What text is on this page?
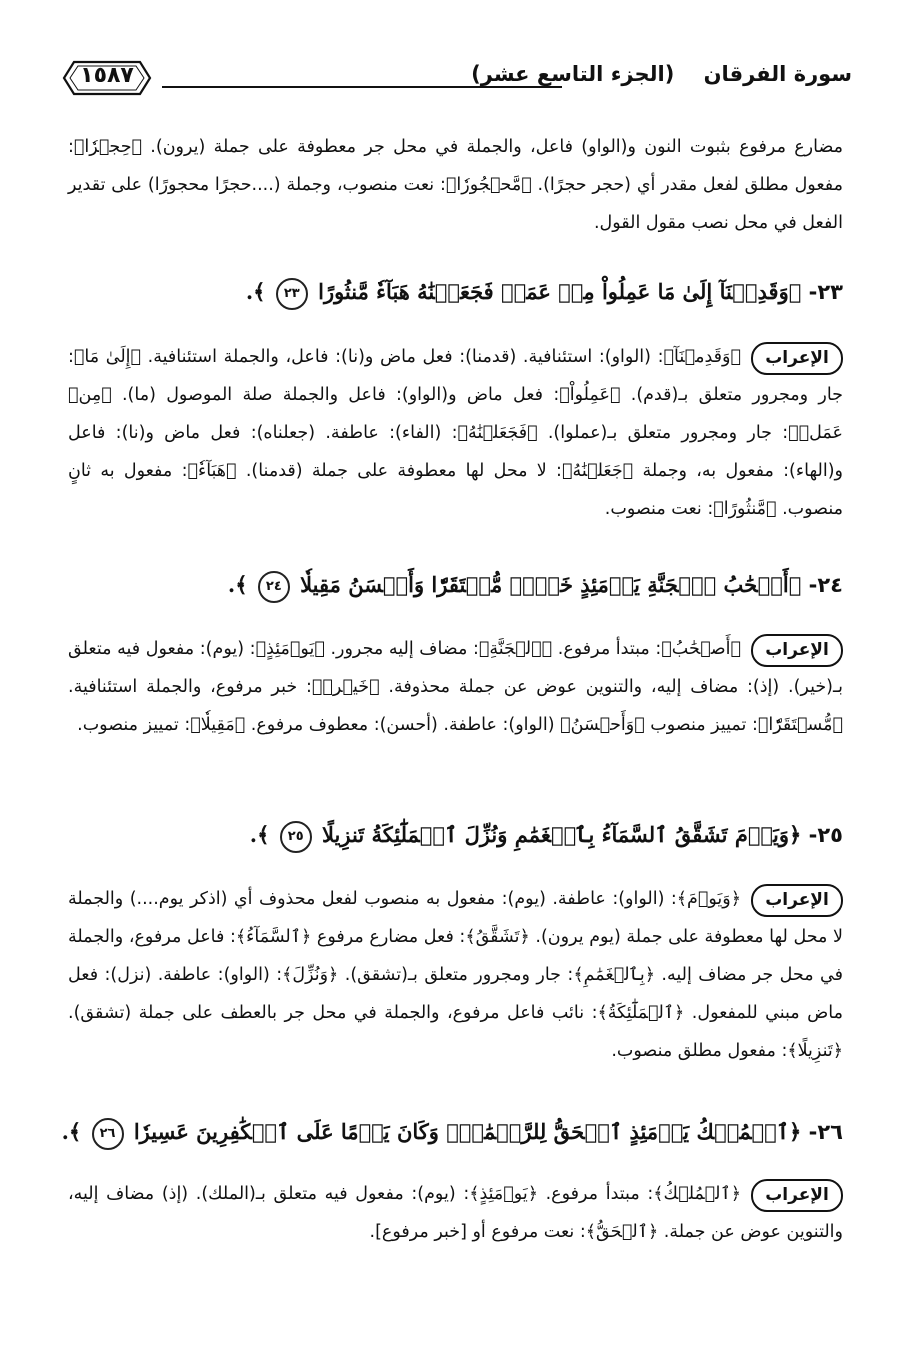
سورة الفرقان    (الجزء التاسع عشر)
١٥٨٧
مضارع مرفوع بثبوت النون و(الواو) فاعل، والجملة في محل جر معطوفة على جملة (يرون). ﴿حِجۡرٗا﴾: مفعول مطلق لفعل مقدر أي (حجر حجرًا). ﴿مَّحۡجُورٗا﴾: نعت منصوب، وجملة (....حجرًا محجورًا) على تقدير الفعل في محل نصب مقول القول.
٢٣- ﴿وَقَدِمۡنَآ إِلَىٰ مَا عَمِلُواْ مِنۡ عَمَلٖ فَجَعَلۡنَٰهُ هَبَآءٗ مَّنثُورًا ٢٣ ﴾.
الإعراب
﴿وَقَدِمۡنَآ﴾: (الواو): استئنافية. (قدمنا): فعل ماض و(نا): فاعل، والجملة استئنافية. ﴿إِلَىٰ مَا﴾: جار ومجرور متعلق بـ(قدم). ﴿عَمِلُواْ﴾: فعل ماض و(الواو): فاعل والجملة صلة الموصول (ما). ﴿مِنۡ عَمَلٖ﴾: جار ومجرور متعلق بـ(عملوا). ﴿فَجَعَلۡنَٰهُ﴾: (الفاء): عاطفة. (جعلناه): فعل ماض و(نا): فاعل و(الهاء): مفعول به، وجملة ﴿جَعَلۡنَٰهُ﴾: لا محل لها معطوفة على جملة (قدمنا). ﴿هَبَآءٗ﴾: مفعول به ثانٍ منصوب. ﴿مَّنثُورًا﴾: نعت منصوب.
٢٤- ﴿أَصۡحَٰبُ ٱلۡجَنَّةِ يَوۡمَئِذٍ خَيۡرٞ مُّسۡتَقَرّٗا وَأَحۡسَنُ مَقِيلٗا ٢٤ ﴾.
الإعراب
﴿أَصۡحَٰبُ﴾: مبتدأ مرفوع. ﴿ٱلۡجَنَّةِ﴾: مضاف إليه مجرور. ﴿يَوۡمَئِذٍ﴾: (يوم): مفعول فيه متعلق بـ(خير). (إذ): مضاف إليه، والتنوين عوض عن جملة محذوفة. ﴿خَيۡرٞ﴾: خبر مرفوع، والجملة استئنافية. ﴿مُّسۡتَقَرّٗا﴾: تمييز منصوب ﴿وَأَحۡسَنُ﴾ (الواو): عاطفة. (أحسن): معطوف مرفوع. ﴿مَقِيلٗا﴾: تمييز منصوب.
٢٥- ﴿وَيَوۡمَ تَشَقَّقُ ٱلسَّمَآءُ بِٱلۡغَمَٰمِ وَنُزِّلَ ٱلۡمَلَٰٓئِكَةُ تَنزِيلًا ٢٥ ﴾.
الإعراب
﴿وَيَوۡمَ﴾: (الواو): عاطفة. (يوم): مفعول به منصوب لفعل محذوف أي (اذكر يوم....) والجملة لا محل لها معطوفة على جملة (يوم يرون). ﴿تَشَقَّقُ﴾: فعل مضارع مرفوع ﴿ٱلسَّمَآءُ﴾: فاعل مرفوع، والجملة في محل جر مضاف إليه. ﴿بِٱلۡغَمَٰمِ﴾: جار ومجرور متعلق بـ(تشقق). ﴿وَنُزِّلَ﴾: (الواو): عاطفة. (نزل): فعل ماض مبني للمفعول. ﴿ٱلۡمَلَٰٓئِكَةُ﴾: نائب فاعل مرفوع، والجملة في محل جر بالعطف على جملة (تشقق). ﴿تَنزِيلًا﴾: مفعول مطلق منصوب.
٢٦- ﴿ٱلۡمُلۡكُ يَوۡمَئِذٍ ٱلۡحَقُّ لِلرَّحۡمَٰنِۚ وَكَانَ يَوۡمًا عَلَى ٱلۡكَٰفِرِينَ عَسِيرٗا ٢٦ ﴾.
الإعراب
﴿ٱلۡمُلۡكُ﴾: مبتدأ مرفوع. ﴿يَوۡمَئِذٍ﴾: (يوم): مفعول فيه متعلق بـ(الملك). (إذ) مضاف إليه، والتنوين عوض عن جملة. ﴿ٱلۡحَقُّ﴾: نعت مرفوع أو [خبر مرفوع].
